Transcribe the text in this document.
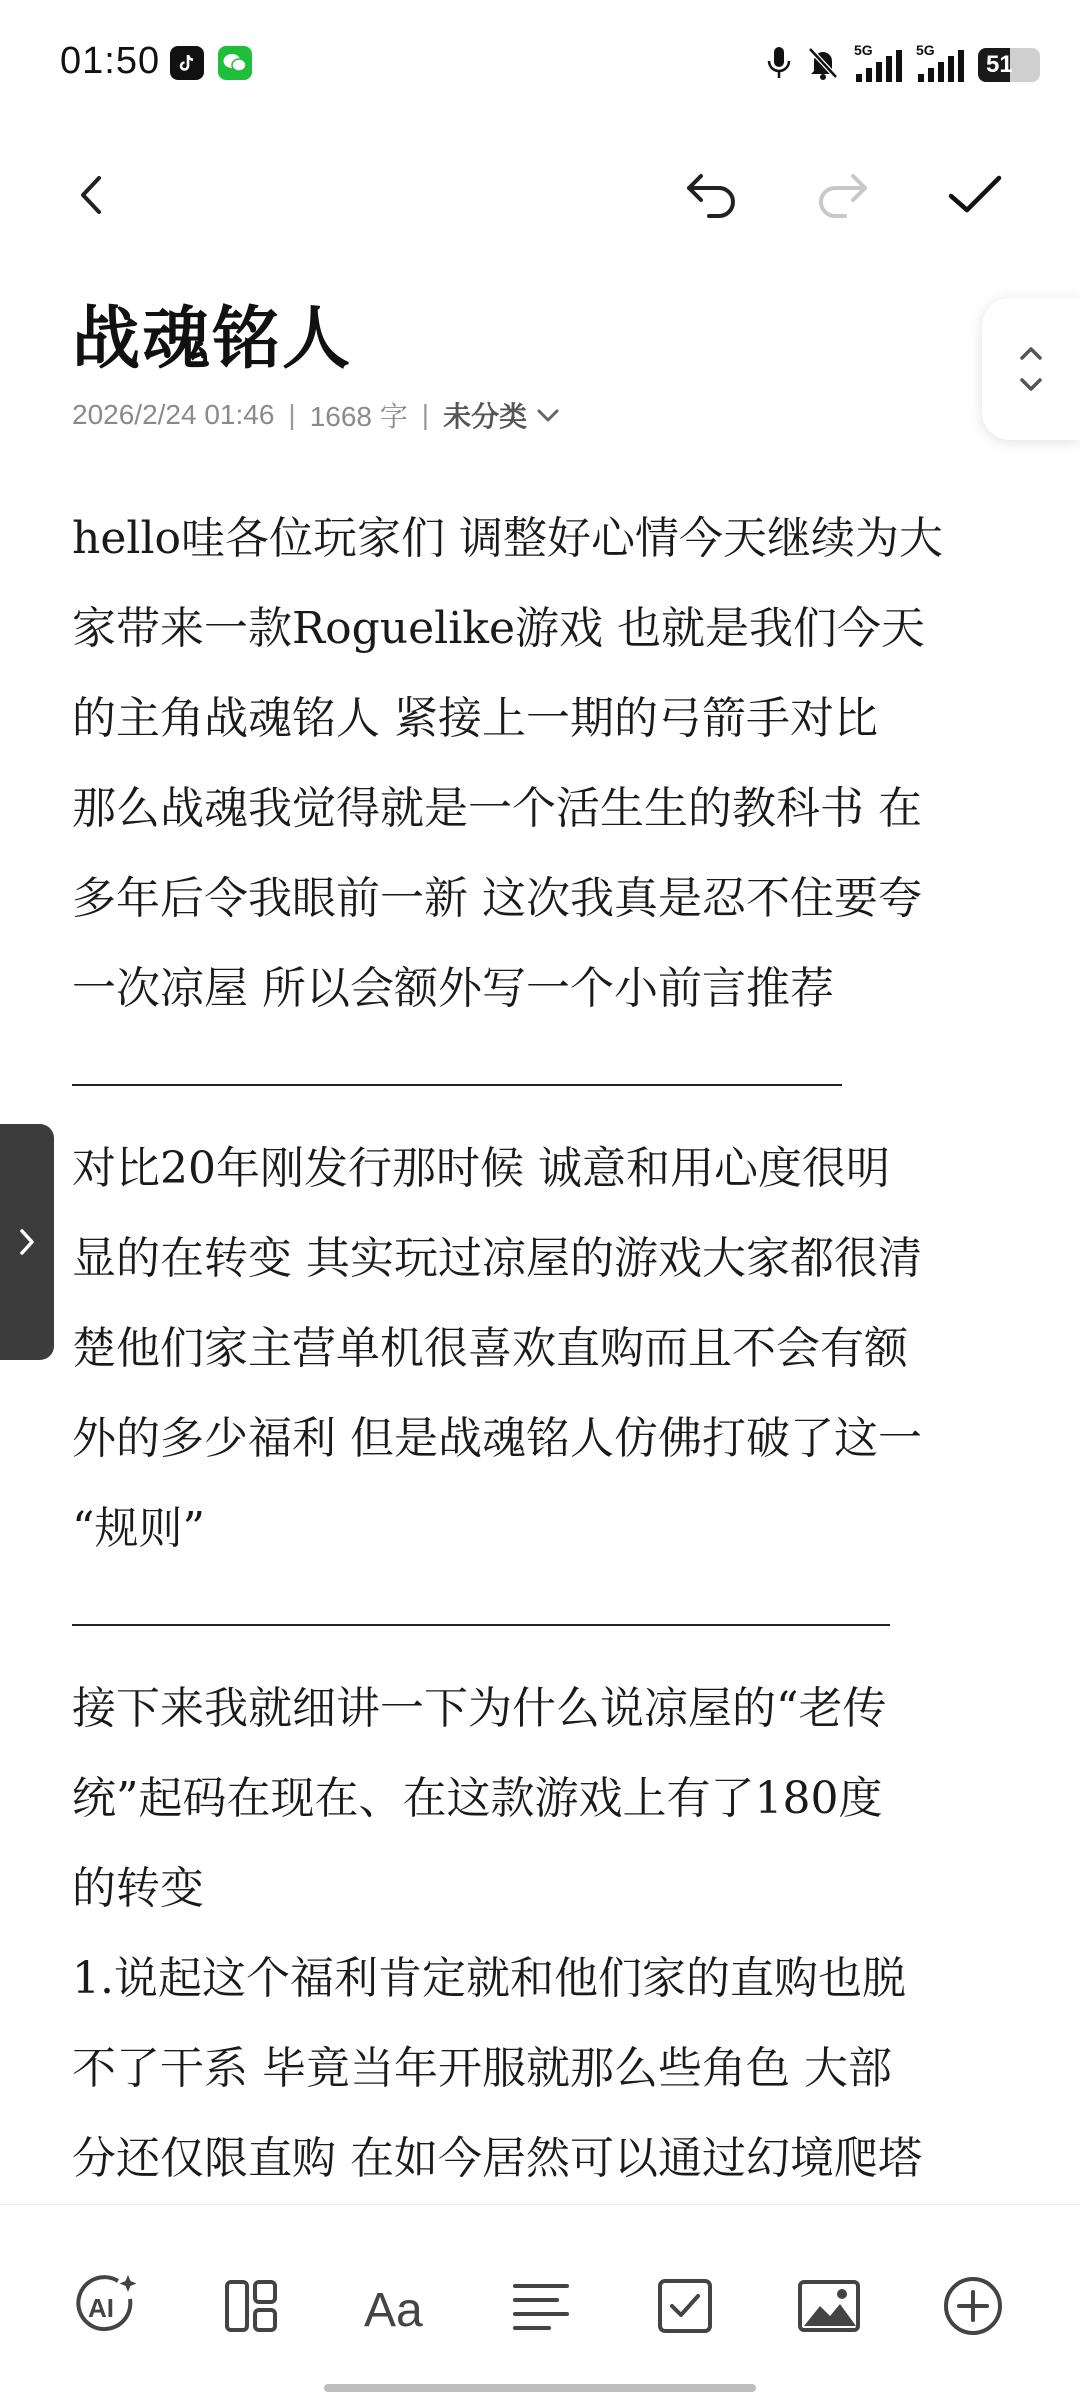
01:50	5G	5G
51
战魂铭人
2026/2/24 01:46 | 1668 字 | 未分类
hello哇各位玩家们 调整好心情今天继续为大
家带来一款Roguelike游戏 也就是我们今天
的主角战魂铭人 紧接上一期的弓箭手对比
那么战魂我觉得就是一个活生生的教科书 在
多年后令我眼前一新 这次我真是忍不住要夸
一次凉屋 所以会额外写一个小前言推荐
对比20年刚发行那时候 诚意和用心度很明
显的在转变 其实玩过凉屋的游戏大家都很清
楚他们家主营单机很喜欢直购而且不会有额
外的多少福利 但是战魂铭人仿佛打破了这一
“规则”
接下来我就细讲一下为什么说凉屋的“老传
统”起码在现在、在这款游戏上有了180度
的转变
1.说起这个福利肯定就和他们家的直购也脱
不了干系 毕竟当年开服就那么些角色 大部
分还仅限直购 在如今居然可以通过幻境爬塔
AI	Aa
